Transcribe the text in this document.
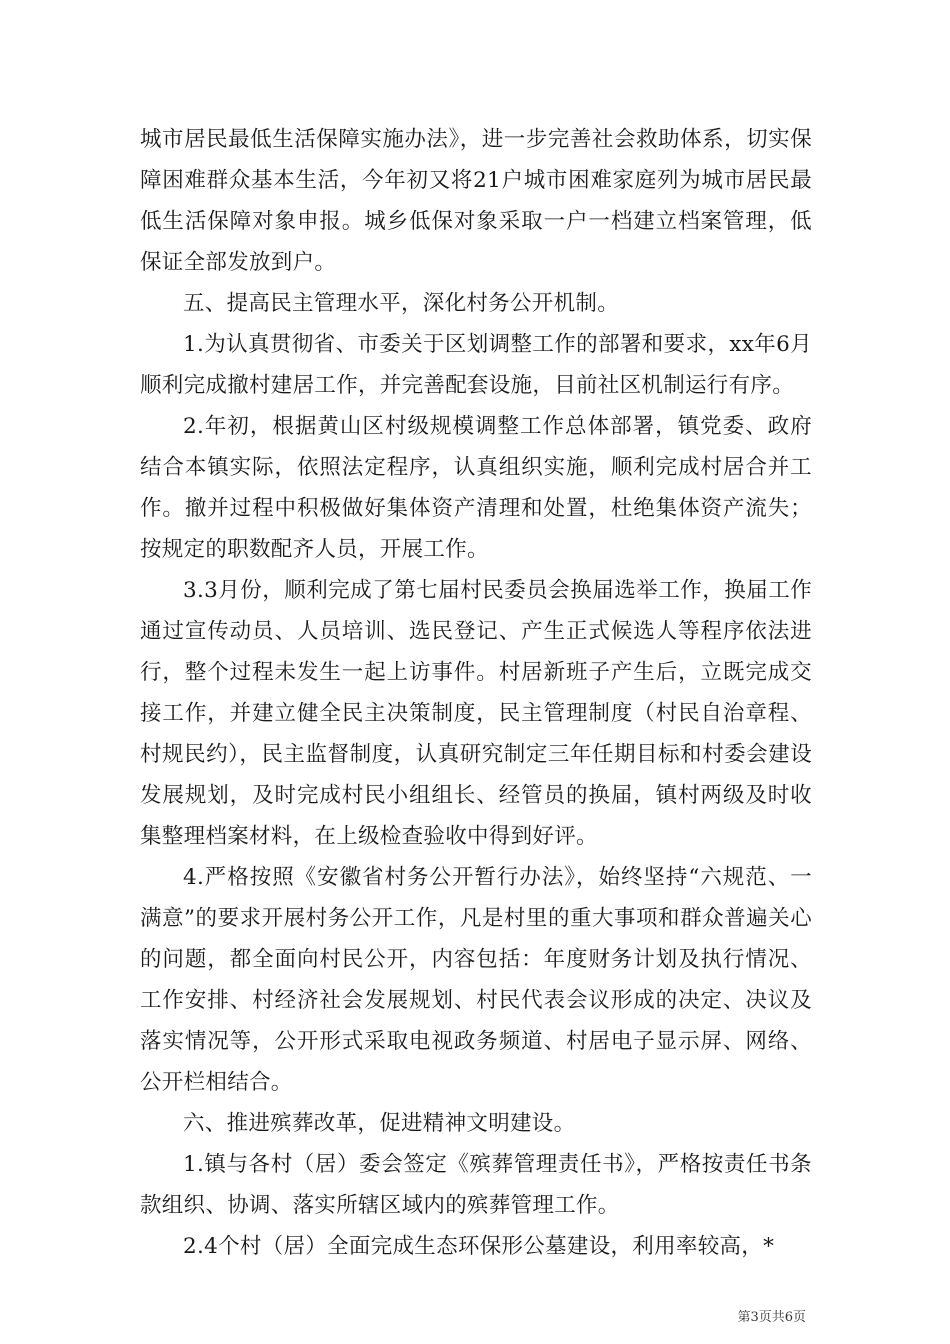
城市居民最低生活保障实施办法》，进一步完善社会救助体系，切实保障困难群众基本生活，今年初又将21户城市困难家庭列为城市居民最低生活保障对象申报。城乡低保对象采取一户一档建立档案管理，低保证全部发放到户。

五、提高民主管理水平，深化村务公开机制。

1.为认真贯彻省、市委关于区划调整工作的部署和要求，xx年6月顺利完成撤村建居工作，并完善配套设施，目前社区机制运行有序。

2.年初，根据黄山区村级规模调整工作总体部署，镇党委、政府结合本镇实际，依照法定程序，认真组织实施，顺利完成村居合并工作。撤并过程中积极做好集体资产清理和处置，杜绝集体资产流失；按规定的职数配齐人员，开展工作。

3.3月份，顺利完成了第七届村民委员会换届选举工作，换届工作通过宣传动员、人员培训、选民登记、产生正式候选人等程序依法进行，整个过程未发生一起上访事件。村居新班子产生后，立既完成交接工作，并建立健全民主决策制度，民主管理制度（村民自治章程、村规民约），民主监督制度，认真研究制定三年任期目标和村委会建设发展规划，及时完成村民小组组长、经管员的换届，镇村两级及时收集整理档案材料，在上级检查验收中得到好评。

4.严格按照《安徽省村务公开暂行办法》，始终坚持“六规范、一满意”的要求开展村务公开工作，凡是村里的重大事项和群众普遍关心的问题，都全面向村民公开，内容包括：年度财务计划及执行情况、工作安排、村经济社会发展规划、村民代表会议形成的决定、决议及落实情况等，公开形式采取电视政务频道、村居电子显示屏、网络、公开栏相结合。

六、推进殡葬改革，促进精神文明建设。

1.镇与各村（居）委会签定《殡葬管理责任书》，严格按责任书条款组织、协调、落实所辖区域内的殡葬管理工作。

2.4个村（居）全面完成生态环保形公墓建设，利用率较高，*

第3页共6页
